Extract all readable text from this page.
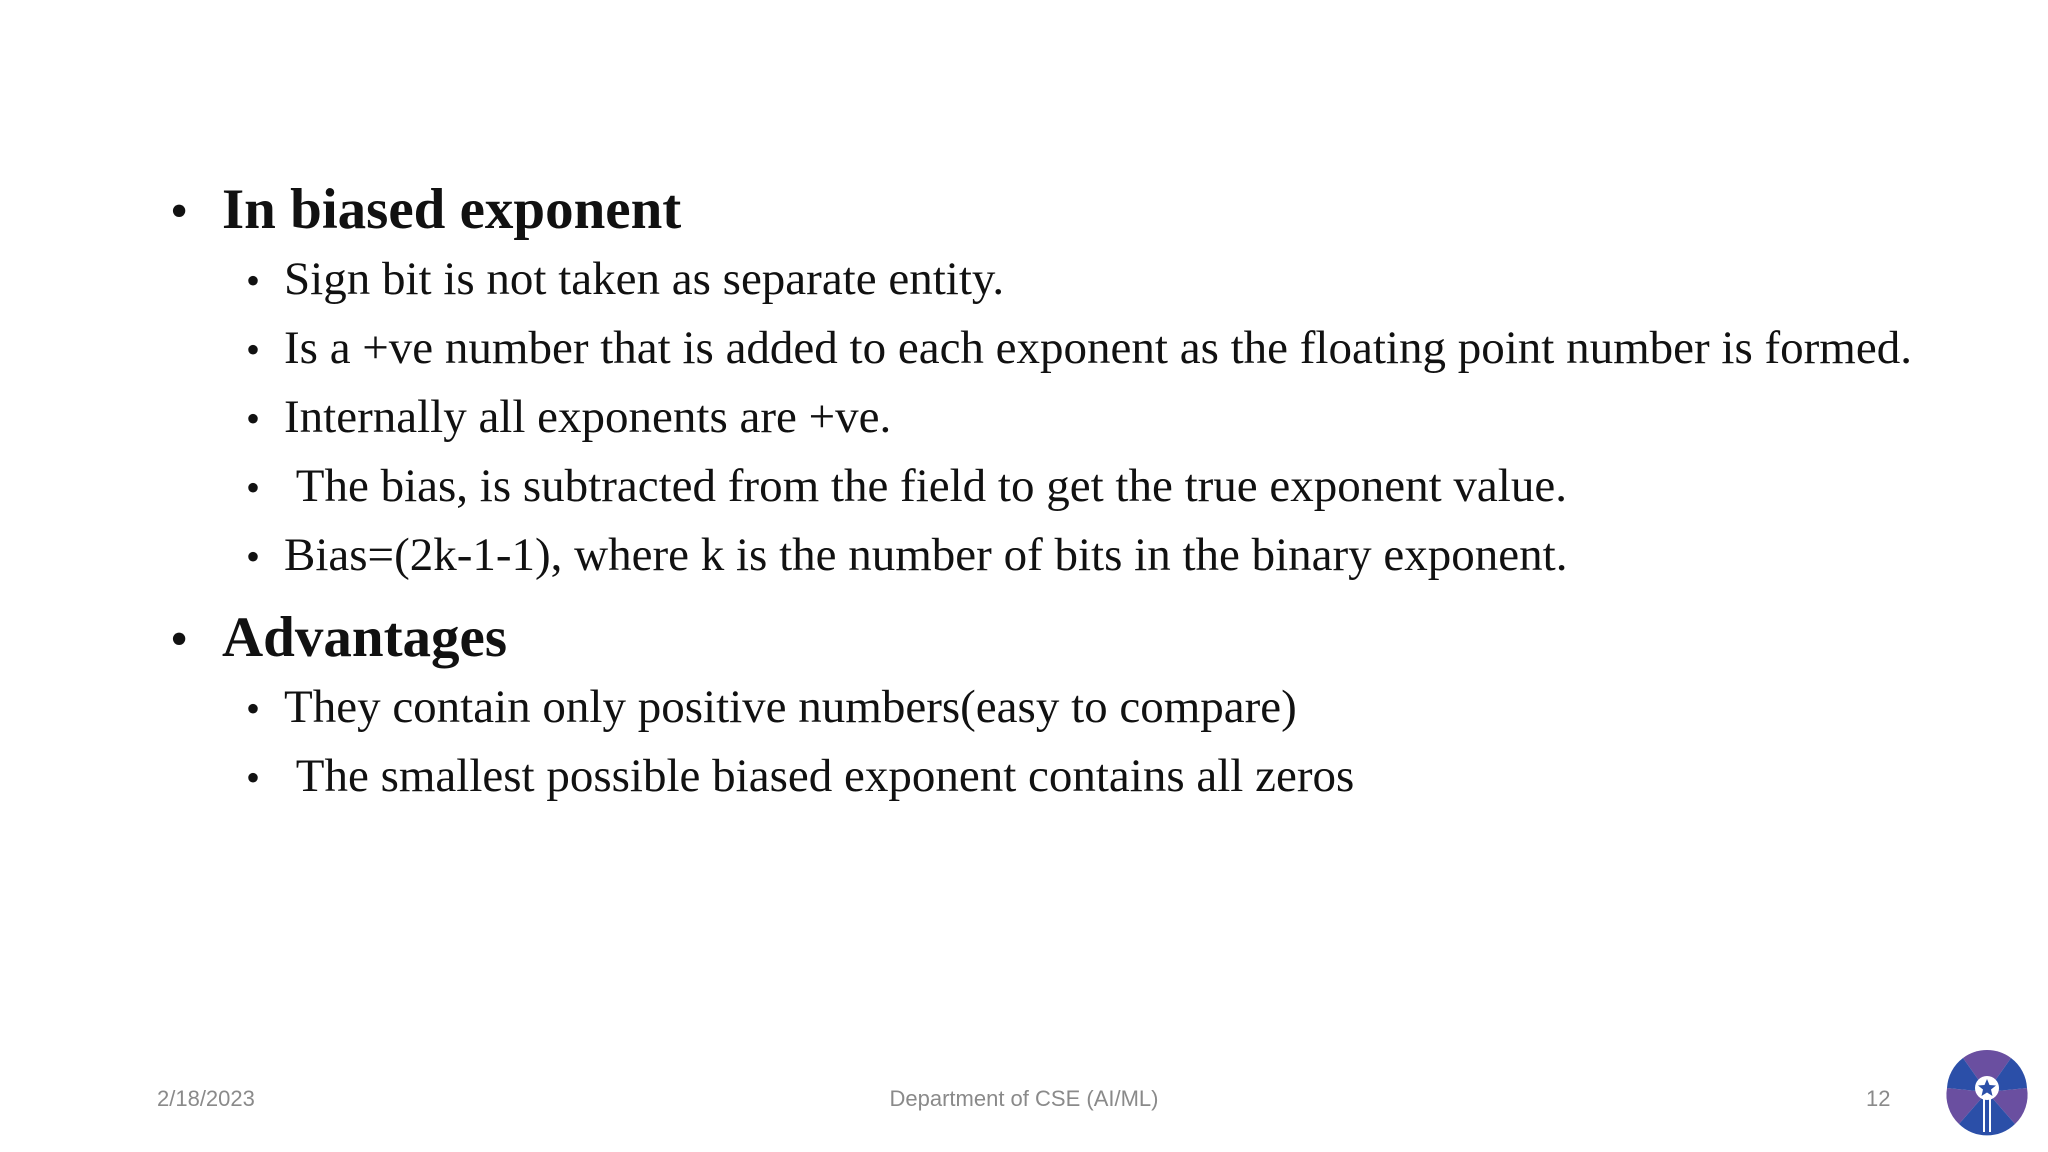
• In biased exponent
• Sign bit is not taken as separate entity.
• Is a +ve number that is added to each exponent as the floating point number is formed.
• Internally all exponents are +ve.
• The bias, is subtracted from the field to get the true exponent value.
• Bias=(2k-1-1), where k is the number of bits in the binary exponent.
• Advantages
• They contain only positive numbers(easy to compare)
• The smallest possible biased exponent contains all zeros
2/18/2023	Department of CSE (AI/ML)	12
